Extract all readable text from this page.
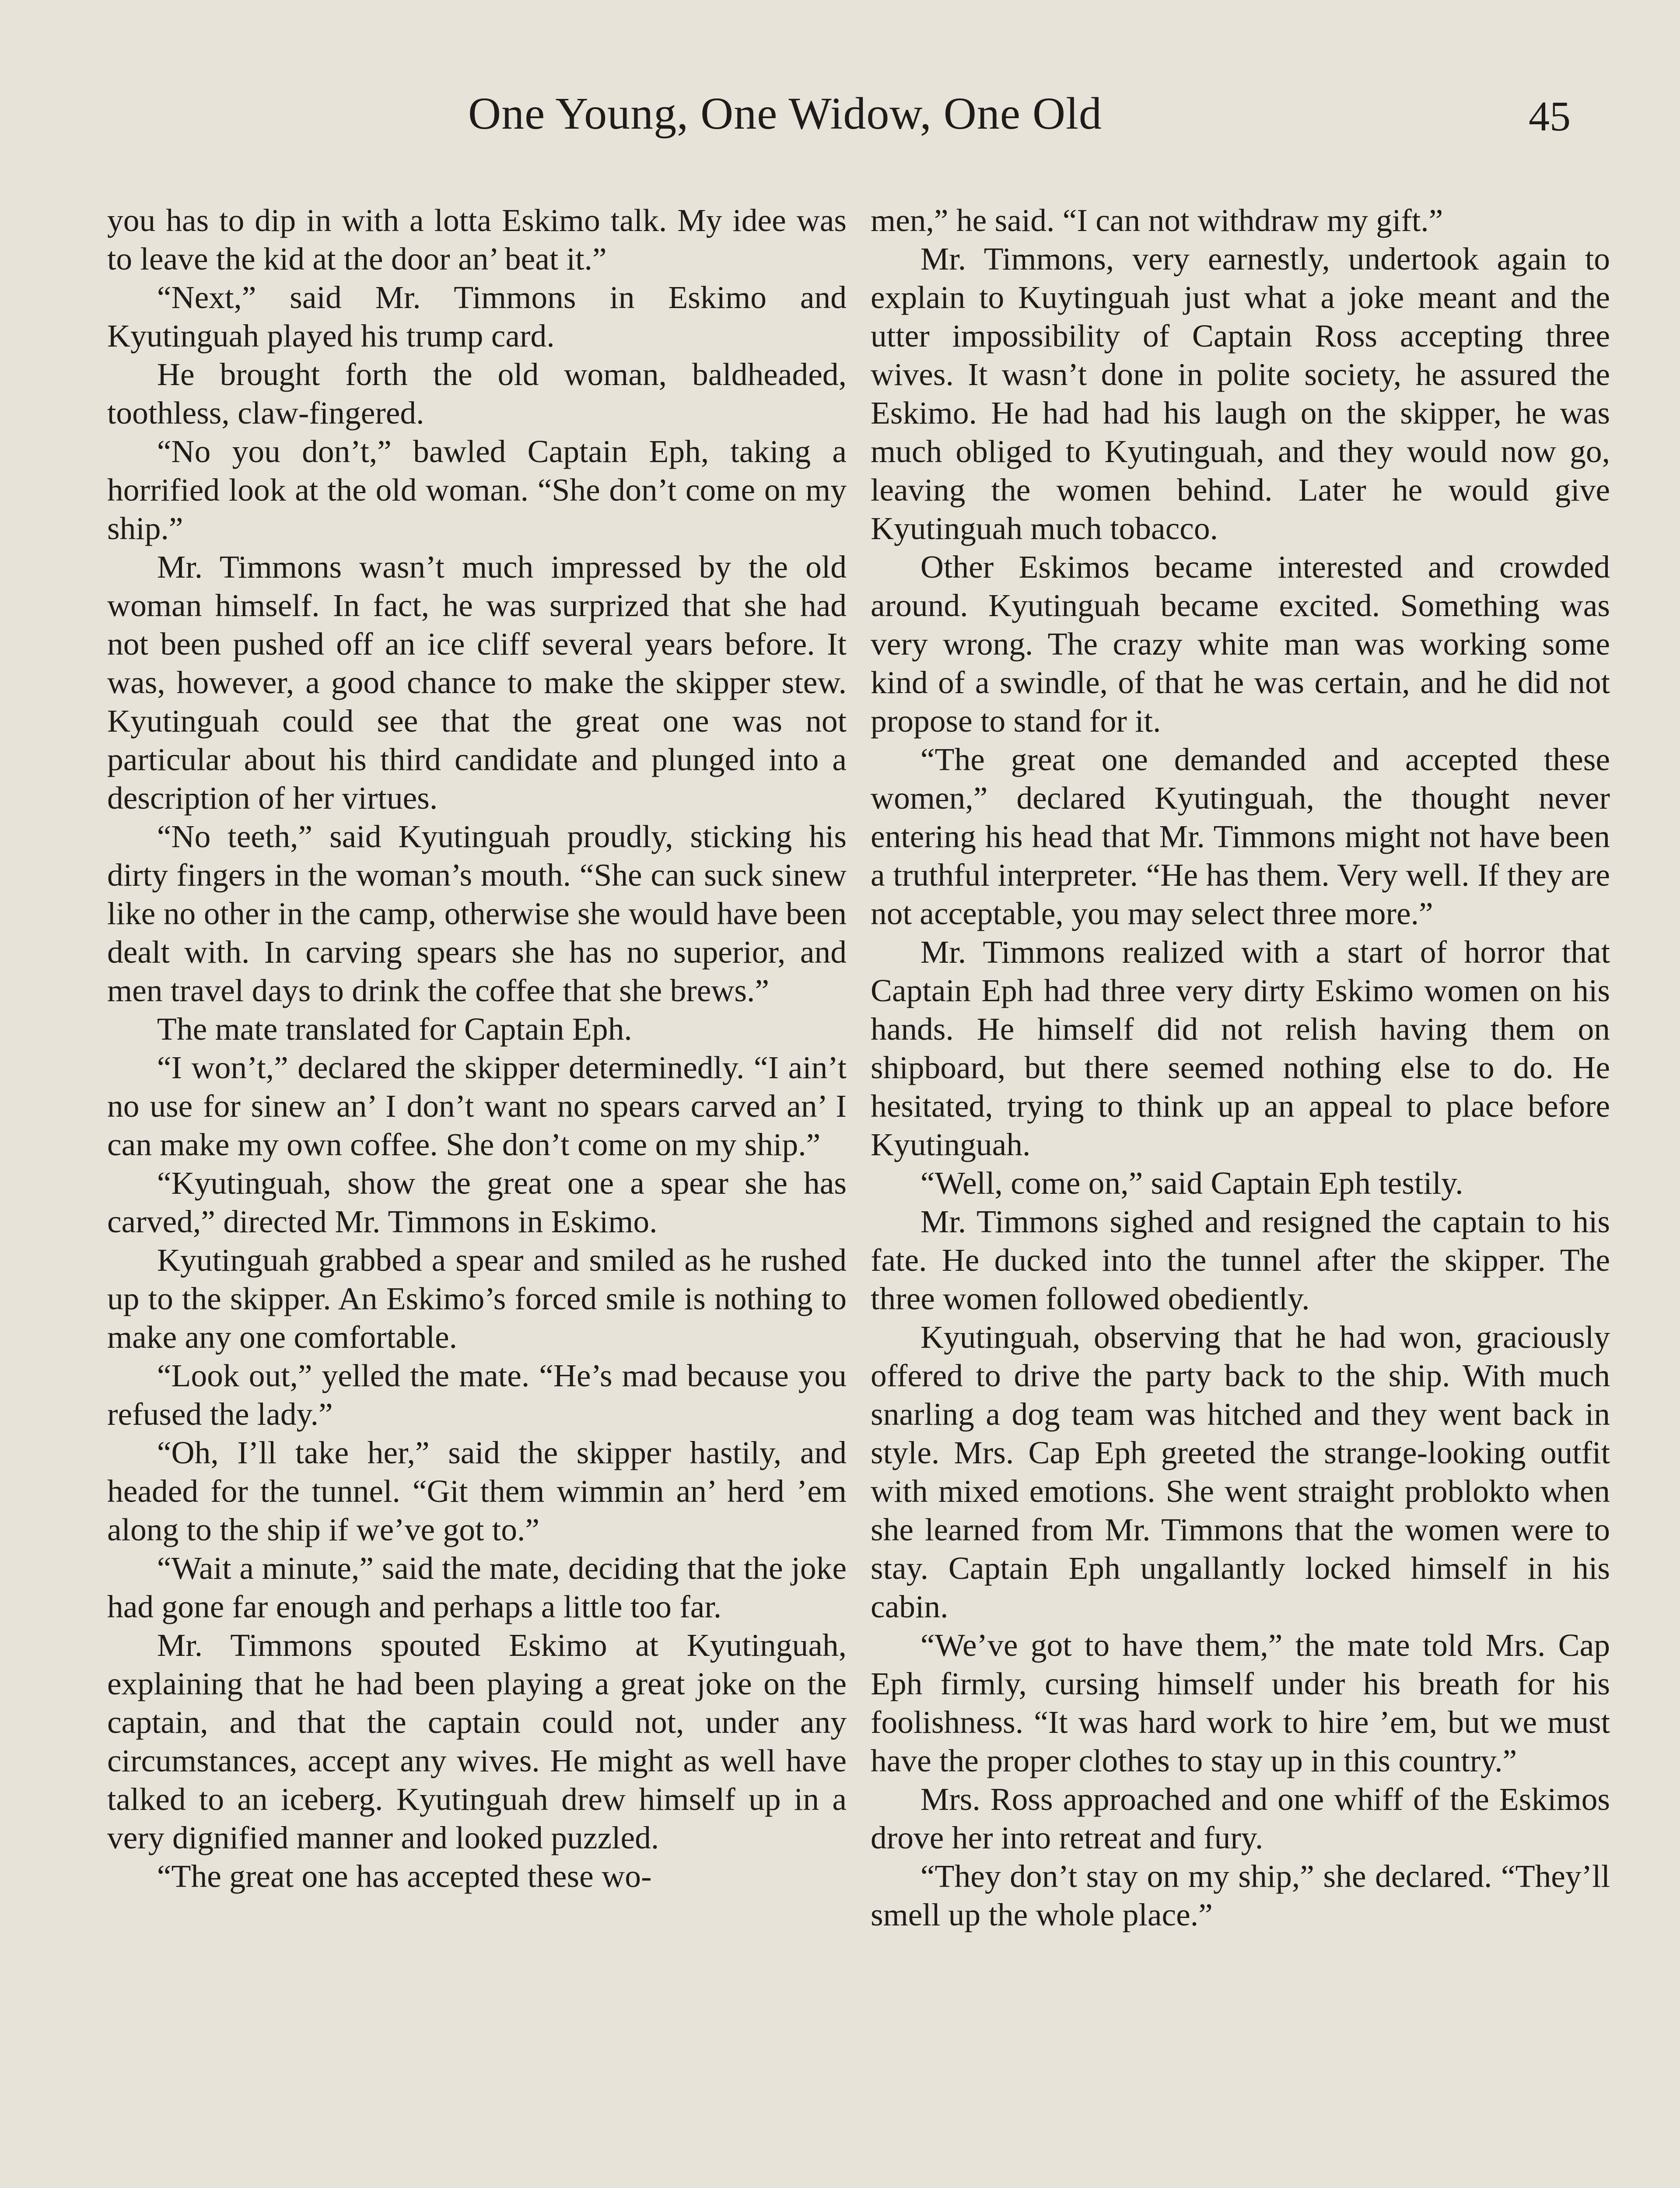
One Young, One Widow, One Old	45

you has to dip in with a lotta Eskimo talk. My idee was to leave the kid at the door an’ beat it.”

“Next,” said Mr. Timmons in Eskimo and Kyutinguah played his trump card.

He brought forth the old woman, baldheaded, toothless, claw-fingered.

“No you don’t,” bawled Captain Eph, taking a horrified look at the old woman. “She don’t come on my ship.”

Mr. Timmons wasn’t much impressed by the old woman himself. In fact, he was surprized that she had not been pushed off an ice cliff several years before. It was, however, a good chance to make the skipper stew. Kyutinguah could see that the great one was not particular about his third candidate and plunged into a description of her virtues.

“No teeth,” said Kyutinguah proudly, sticking his dirty fingers in the woman’s mouth. “She can suck sinew like no other in the camp, otherwise she would have been dealt with. In carving spears she has no superior, and men travel days to drink the coffee that she brews.”

The mate translated for Captain Eph.

“I won’t,” declared the skipper determinedly. “I ain’t no use for sinew an’ I don’t want no spears carved an’ I can make my own coffee. She don’t come on my ship.”

“Kyutinguah, show the great one a spear she has carved,” directed Mr. Timmons in Eskimo.

Kyutinguah grabbed a spear and smiled as he rushed up to the skipper. An Eskimo’s forced smile is nothing to make any one comfortable.

“Look out,” yelled the mate. “He’s mad because you refused the lady.”

“Oh, I’ll take her,” said the skipper hastily, and headed for the tunnel. “Git them wimmin an’ herd ’em along to the ship if we’ve got to.”

“Wait a minute,” said the mate, deciding that the joke had gone far enough and perhaps a little too far.

Mr. Timmons spouted Eskimo at Kyutinguah, explaining that he had been playing a great joke on the captain, and that the captain could not, under any circumstances, accept any wives. He might as well have talked to an iceberg. Kyutinguah drew himself up in a very dignified manner and looked puzzled.

“The great one has accepted these wo-

men,” he said. “I can not withdraw my gift.”

Mr. Timmons, very earnestly, undertook again to explain to Kuytinguah just what a joke meant and the utter impossibility of Captain Ross accepting three wives. It wasn’t done in polite society, he assured the Eskimo. He had had his laugh on the skipper, he was much obliged to Kyutinguah, and they would now go, leaving the women behind. Later he would give Kyutinguah much tobacco.

Other Eskimos became interested and crowded around. Kyutinguah became excited. Something was very wrong. The crazy white man was working some kind of a swindle, of that he was certain, and he did not propose to stand for it.

“The great one demanded and accepted these women,” declared Kyutinguah, the thought never entering his head that Mr. Timmons might not have been a truthful interpreter. “He has them. Very well. If they are not acceptable, you may select three more.”

Mr. Timmons realized with a start of horror that Captain Eph had three very dirty Eskimo women on his hands. He himself did not relish having them on shipboard, but there seemed nothing else to do. He hesitated, trying to think up an appeal to place before Kyutinguah.

“Well, come on,” said Captain Eph testily.

Mr. Timmons sighed and resigned the captain to his fate. He ducked into the tunnel after the skipper. The three women followed obediently.

Kyutinguah, observing that he had won, graciously offered to drive the party back to the ship. With much snarling a dog team was hitched and they went back in style. Mrs. Cap Eph greeted the strange-looking outfit with mixed emotions. She went straight problokto when she learned from Mr. Timmons that the women were to stay. Captain Eph ungallantly locked himself in his cabin.

“We’ve got to have them,” the mate told Mrs. Cap Eph firmly, cursing himself under his breath for his foolishness. “It was hard work to hire ’em, but we must have the proper clothes to stay up in this country.”

Mrs. Ross approached and one whiff of the Eskimos drove her into retreat and fury.

“They don’t stay on my ship,” she declared. “They’ll smell up the whole place.”
